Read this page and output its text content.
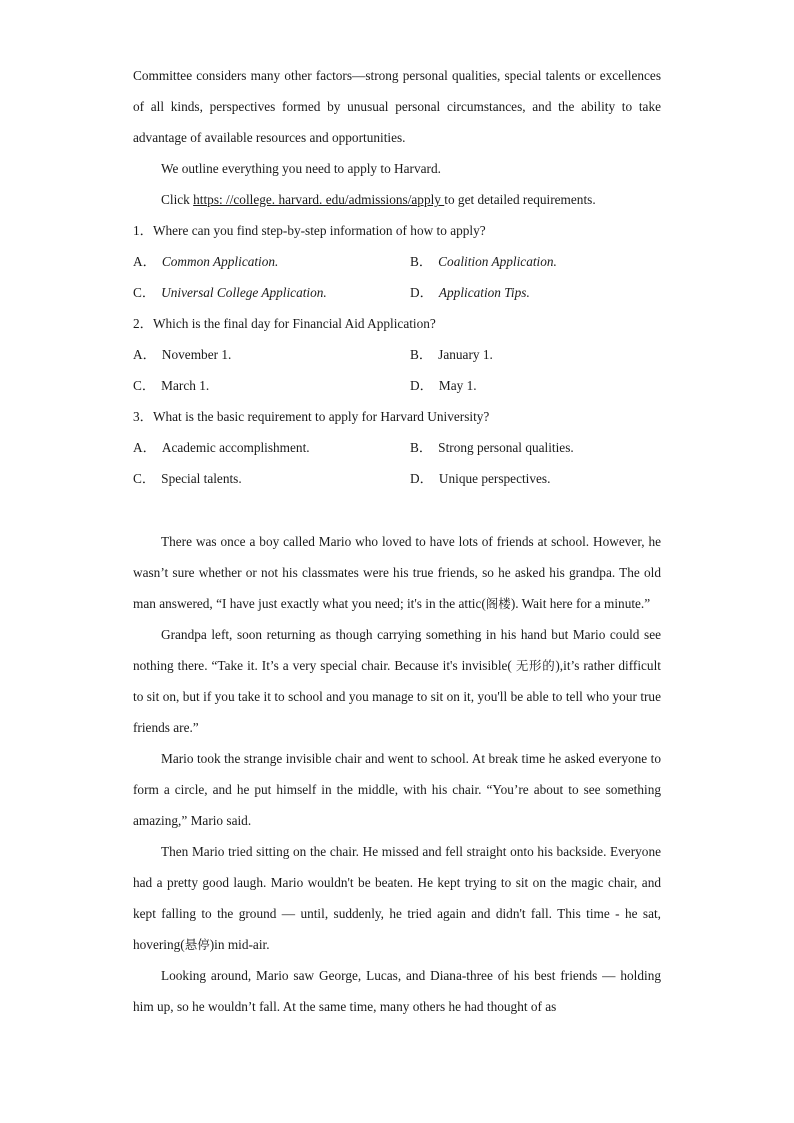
Committee considers many other factors—strong personal qualities, special talents or excellences of all kinds, perspectives formed by unusual personal circumstances, and the ability to take advantage of available resources and opportunities.

We outline everything you need to apply to Harvard.

Click https: //college. harvard. edu/admissions/apply to get detailed requirements.

1．Where can you find step-by-step information of how to apply?

A． Common Application.	B． Coalition Application.
C． Universal College Application.	D． Application Tips.

2．Which is the final day for Financial Aid Application?

A． November 1.	B． January 1.
C． March 1.	D． May 1.

3．What is the basic requirement to apply for Harvard University?

A． Academic accomplishment.	B． Strong personal qualities.
C． Special talents.	D． Unique perspectives.

There was once a boy called Mario who loved to have lots of friends at school. However, he wasn’t sure whether or not his classmates were his true friends, so he asked his grandpa. The old man answered, “I have just exactly what you need; it's in the attic(阁楼). Wait here for a minute.”

Grandpa left, soon returning as though carrying something in his hand but Mario could see nothing there. “Take it. It’s a very special chair. Because it's invisible( 无形的),it’s rather difficult to sit on, but if you take it to school and you manage to sit on it, you'll be able to tell who your true friends are.”

Mario took the strange invisible chair and went to school. At break time he asked everyone to form a circle, and he put himself in the middle, with his chair. “You’re about to see something amazing,” Mario said.

Then Mario tried sitting on the chair. He missed and fell straight onto his backside. Everyone had a pretty good laugh. Mario wouldn't be beaten. He kept trying to sit on the magic chair, and kept falling to the ground — until, suddenly, he tried again and didn't fall. This time - he sat, hovering(悬停)in mid-air.

Looking around, Mario saw George, Lucas, and Diana-three of his best friends — holding him up, so he wouldn’t fall. At the same time, many others he had thought of as
